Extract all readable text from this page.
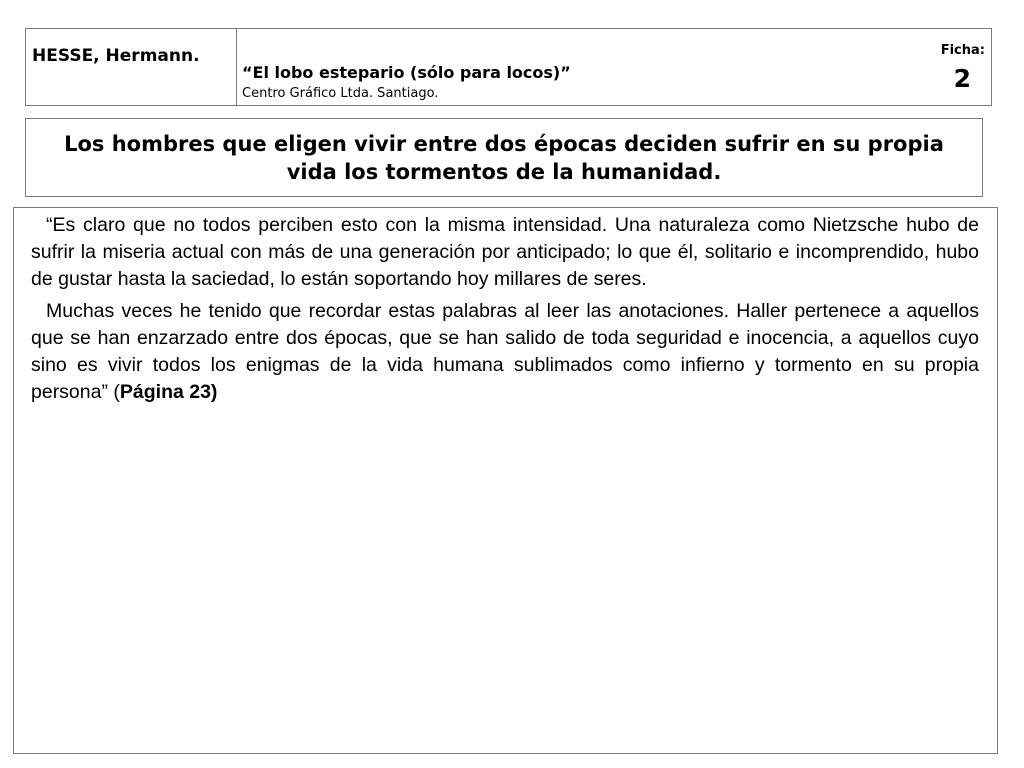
HESSE, Hermann.
“El lobo estepario (sólo para locos)”
Centro Gráfico Ltda. Santiago.
Ficha:
2
Los hombres que eligen vivir entre dos épocas deciden sufrir en su propia vida los tormentos de la humanidad.

“Es claro que no todos perciben esto con la misma intensidad. Una naturaleza como Nietzsche hubo de sufrir la miseria actual con más de una generación por anticipado; lo que él, solitario e incomprendido, hubo de gustar hasta la saciedad, lo están soportando hoy millares de seres.

Muchas veces he tenido que recordar estas palabras al leer las anotaciones. Haller pertenece a aquellos que se han enzarzado entre dos épocas, que se han salido de toda seguridad e inocencia, a aquellos cuyo sino es vivir todos los enigmas de la vida humana sublimados como infierno y tormento en su propia persona” (Página 23)
